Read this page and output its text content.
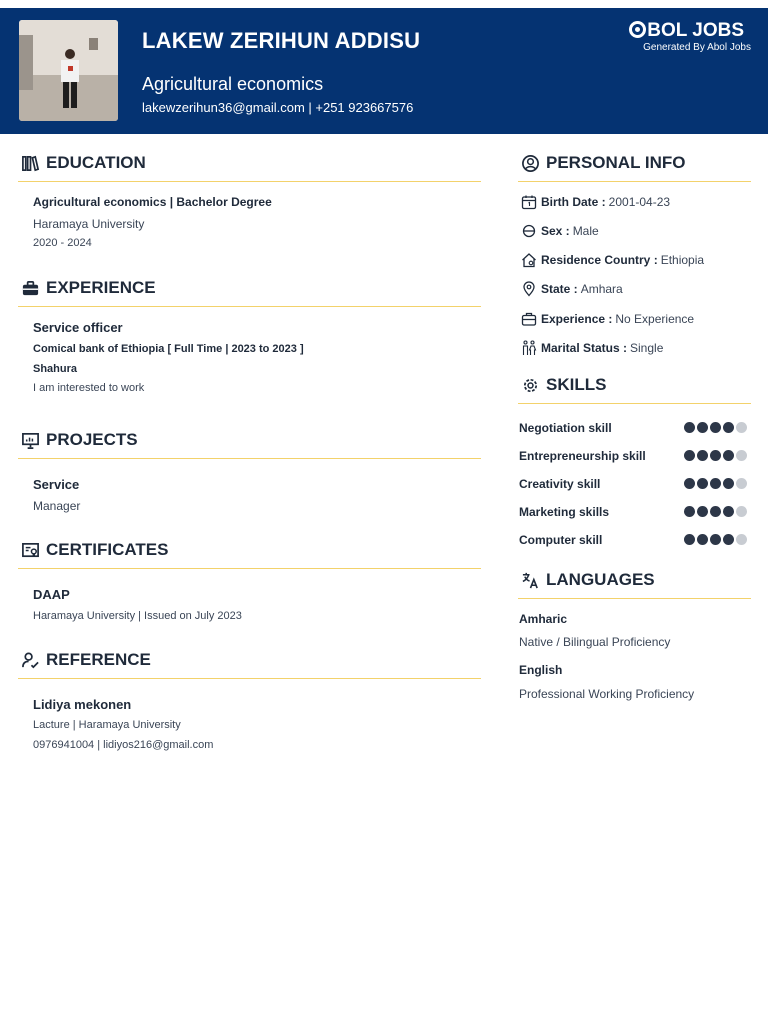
LAKEW ZERIHUN ADDISU
Agricultural economics
lakewzerihun36@gmail.com | +251 923667576
BOL JOBS
Generated By Abol Jobs
EDUCATION
Agricultural economics | Bachelor Degree
Haramaya University
2020 - 2024
EXPERIENCE
Service officer
Comical bank of Ethiopia [ Full Time | 2023 to 2023 ]
Shahura
I am interested to work
PROJECTS
Service
Manager
CERTIFICATES
DAAP
Haramaya University | Issued on July 2023
REFERENCE
Lidiya mekonen
Lacture | Haramaya University
0976941004 | lidiyos216@gmail.com
PERSONAL INFO
Birth Date : 2001-04-23
Sex : Male
Residence Country : Ethiopia
State : Amhara
Experience : No Experience
Marital Status : Single
SKILLS
Negotiation skill
Entrepreneurship skill
Creativity skill
Marketing skills
Computer skill
LANGUAGES
Amharic
Native / Bilingual Proficiency
English
Professional Working Proficiency
